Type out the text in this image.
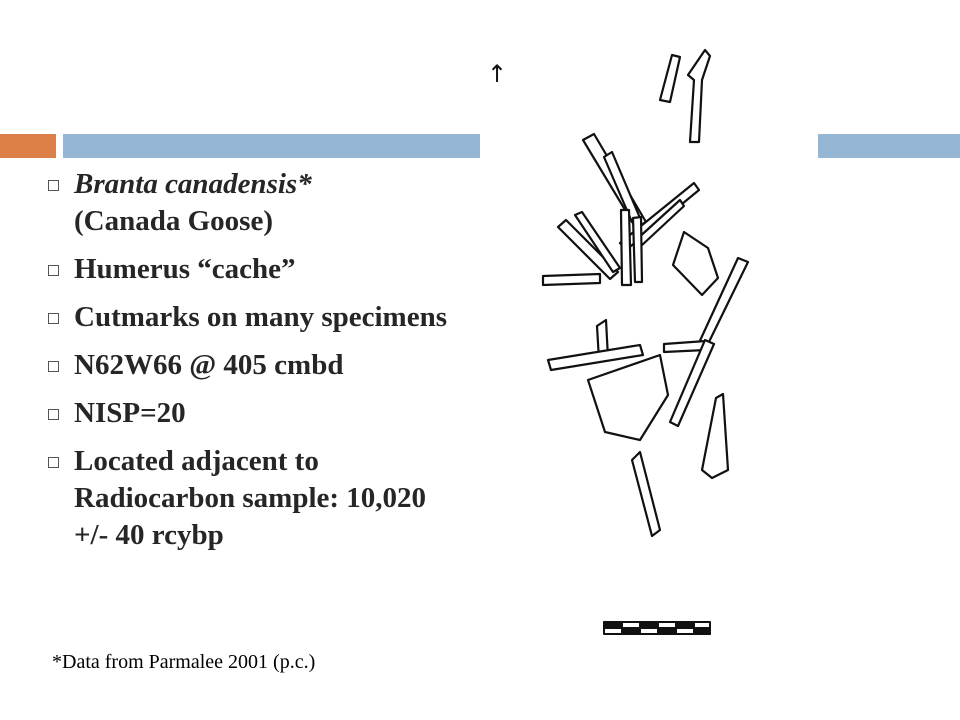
Branta canadensis*
(Canada Goose)
Humerus “cache”
Cutmarks on many specimens
N62W66 @ 405 cmbd
NISP=20
Located adjacent to Radiocarbon sample: 10,020 +/- 40 rcybp
*Data from Parmalee 2001 (p.c.)
↑
